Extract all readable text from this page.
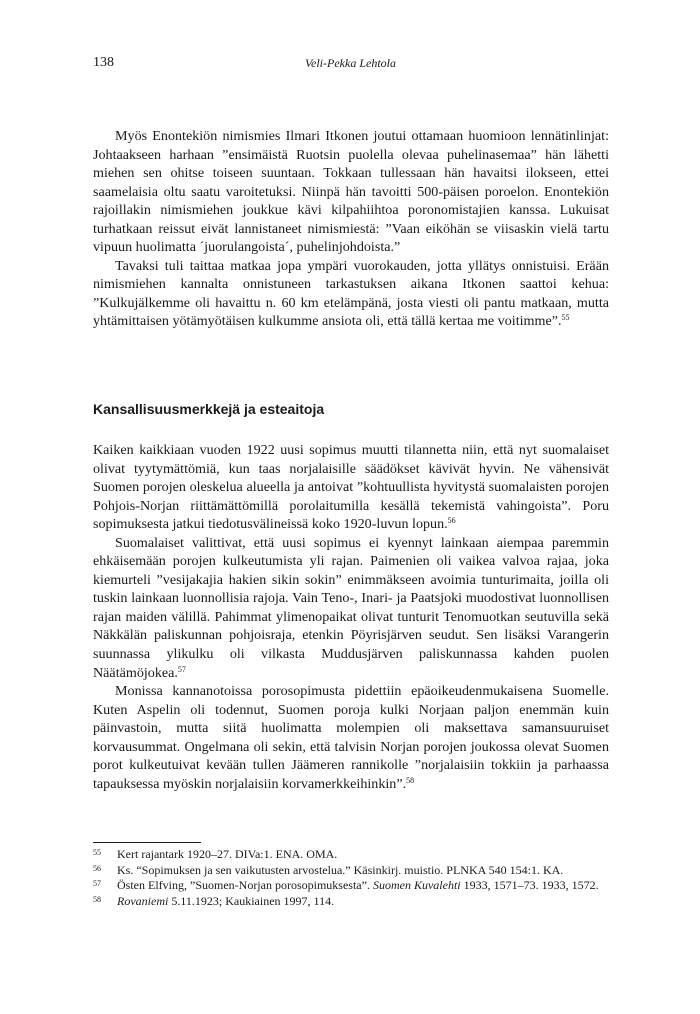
138	Veli-Pekka Lehtola

Myös Enontekiön nimismies Ilmari Itkonen joutui ottamaan huomioon lennätinlinjat: Johtaakseen harhaan ”ensimäistä Ruotsin puolella olevaa puhelinasemaa” hän lähetti miehen sen ohitse toiseen suuntaan. Tokkaan tullessaan hän havaitsi ilokseen, ettei saamelaisia oltu saatu varoitetuksi. Niinpä hän tavoitti 500-päisen poroelon. Enontekiön rajoillakin nimismiehen joukkue kävi kilpahiihtoa poronomistajien kanssa. Lukuisat turhatkaan reissut eivät lannistaneet nimismiestä: ”Vaan eiköhän se viisaskin vielä tartu vipuun huolimatta ´juorulangoista´, puhelinjohdoista.”

Tavaksi tuli taittaa matkaa jopa ympäri vuorokauden, jotta yllätys onnistuisi. Erään nimismiehen kannalta onnistuneen tarkastuksen aikana Itkonen saattoi kehua: ”Kulkujälkemme oli havaittu n. 60 km etelämpänä, josta viesti oli pantu matkaan, mutta yhtämittaisen yötämyötäisen kulkumme ansiota oli, että tällä kertaa me voitimme”.$^{55}$

Kansallisuusmerkkejä ja esteaitoja

Kaiken kaikkiaan vuoden 1922 uusi sopimus muutti tilannetta niin, että nyt suomalaiset olivat tyytymättömiä, kun taas norjalaisille säädökset kävivät hyvin. Ne vähensivät Suomen porojen oleskelua alueella ja antoivat ”kohtuullista hyvitystä suomalaisten porojen Pohjois-Norjan riittämättömillä porolaitumilla kesällä tekemistä vahingoista”. Poru sopimuksesta jatkui tiedotusvälineissä koko 1920-luvun lopun.$^{56}$

Suomalaiset valittivat, että uusi sopimus ei kyennyt lainkaan aiempaa paremmin ehkäisemään porojen kulkeutumista yli rajan. Paimenien oli vaikea valvoa rajaa, joka kiemurteli ”vesijakajia hakien sikin sokin” enimmäkseen avoimia tunturimaita, joilla oli tuskin lainkaan luonnollisia rajoja. Vain Teno-, Inari- ja Paatsjoki muodostivat luonnollisen rajan maiden välillä. Pahimmat ylimenopaikat olivat tunturit Tenomuotkan seutuvilla sekä Näkkälän paliskunnan pohjoisraja, etenkin Pöyrisjärven seudut. Sen lisäksi Varangerin suunnassa ylikulku oli vilkasta Muddusjärven paliskunnassa kahden puolen Näätämöjokea.$^{57}$

Monissa kannanotoissa porosopimusta pidettiin epäoikeudenmukaisena Suomelle. Kuten Aspelin oli todennut, Suomen poroja kulki Norjaan paljon enemmän kuin päinvastoin, mutta siitä huolimatta molempien oli maksettava samansuuruiset korvausummat. Ongelmana oli sekin, että talvisin Norjan porojen joukossa olevat Suomen porot kulkeutuivat kevään tullen Jäämeren rannikolle ”norjalaisiin tokkiin ja parhaassa tapauksessa myöskin norjalaisiin korvamerkkeihinkin”.$^{58}$

55 Kert rajantark 1920–27. DIVa:1. ENA. OMA.
56 Ks. “Sopimuksen ja sen vaikutusten arvostelua.” Käsinkirj. muistio. PLNKA 540 154:1. KA.
57 Östen Elfving, ”Suomen-Norjan porosopimuksesta”. Suomen Kuvalehti 1933, 1571–73. 1933, 1572.
58 Rovaniemi 5.11.1923; Kaukiainen 1997, 114.
